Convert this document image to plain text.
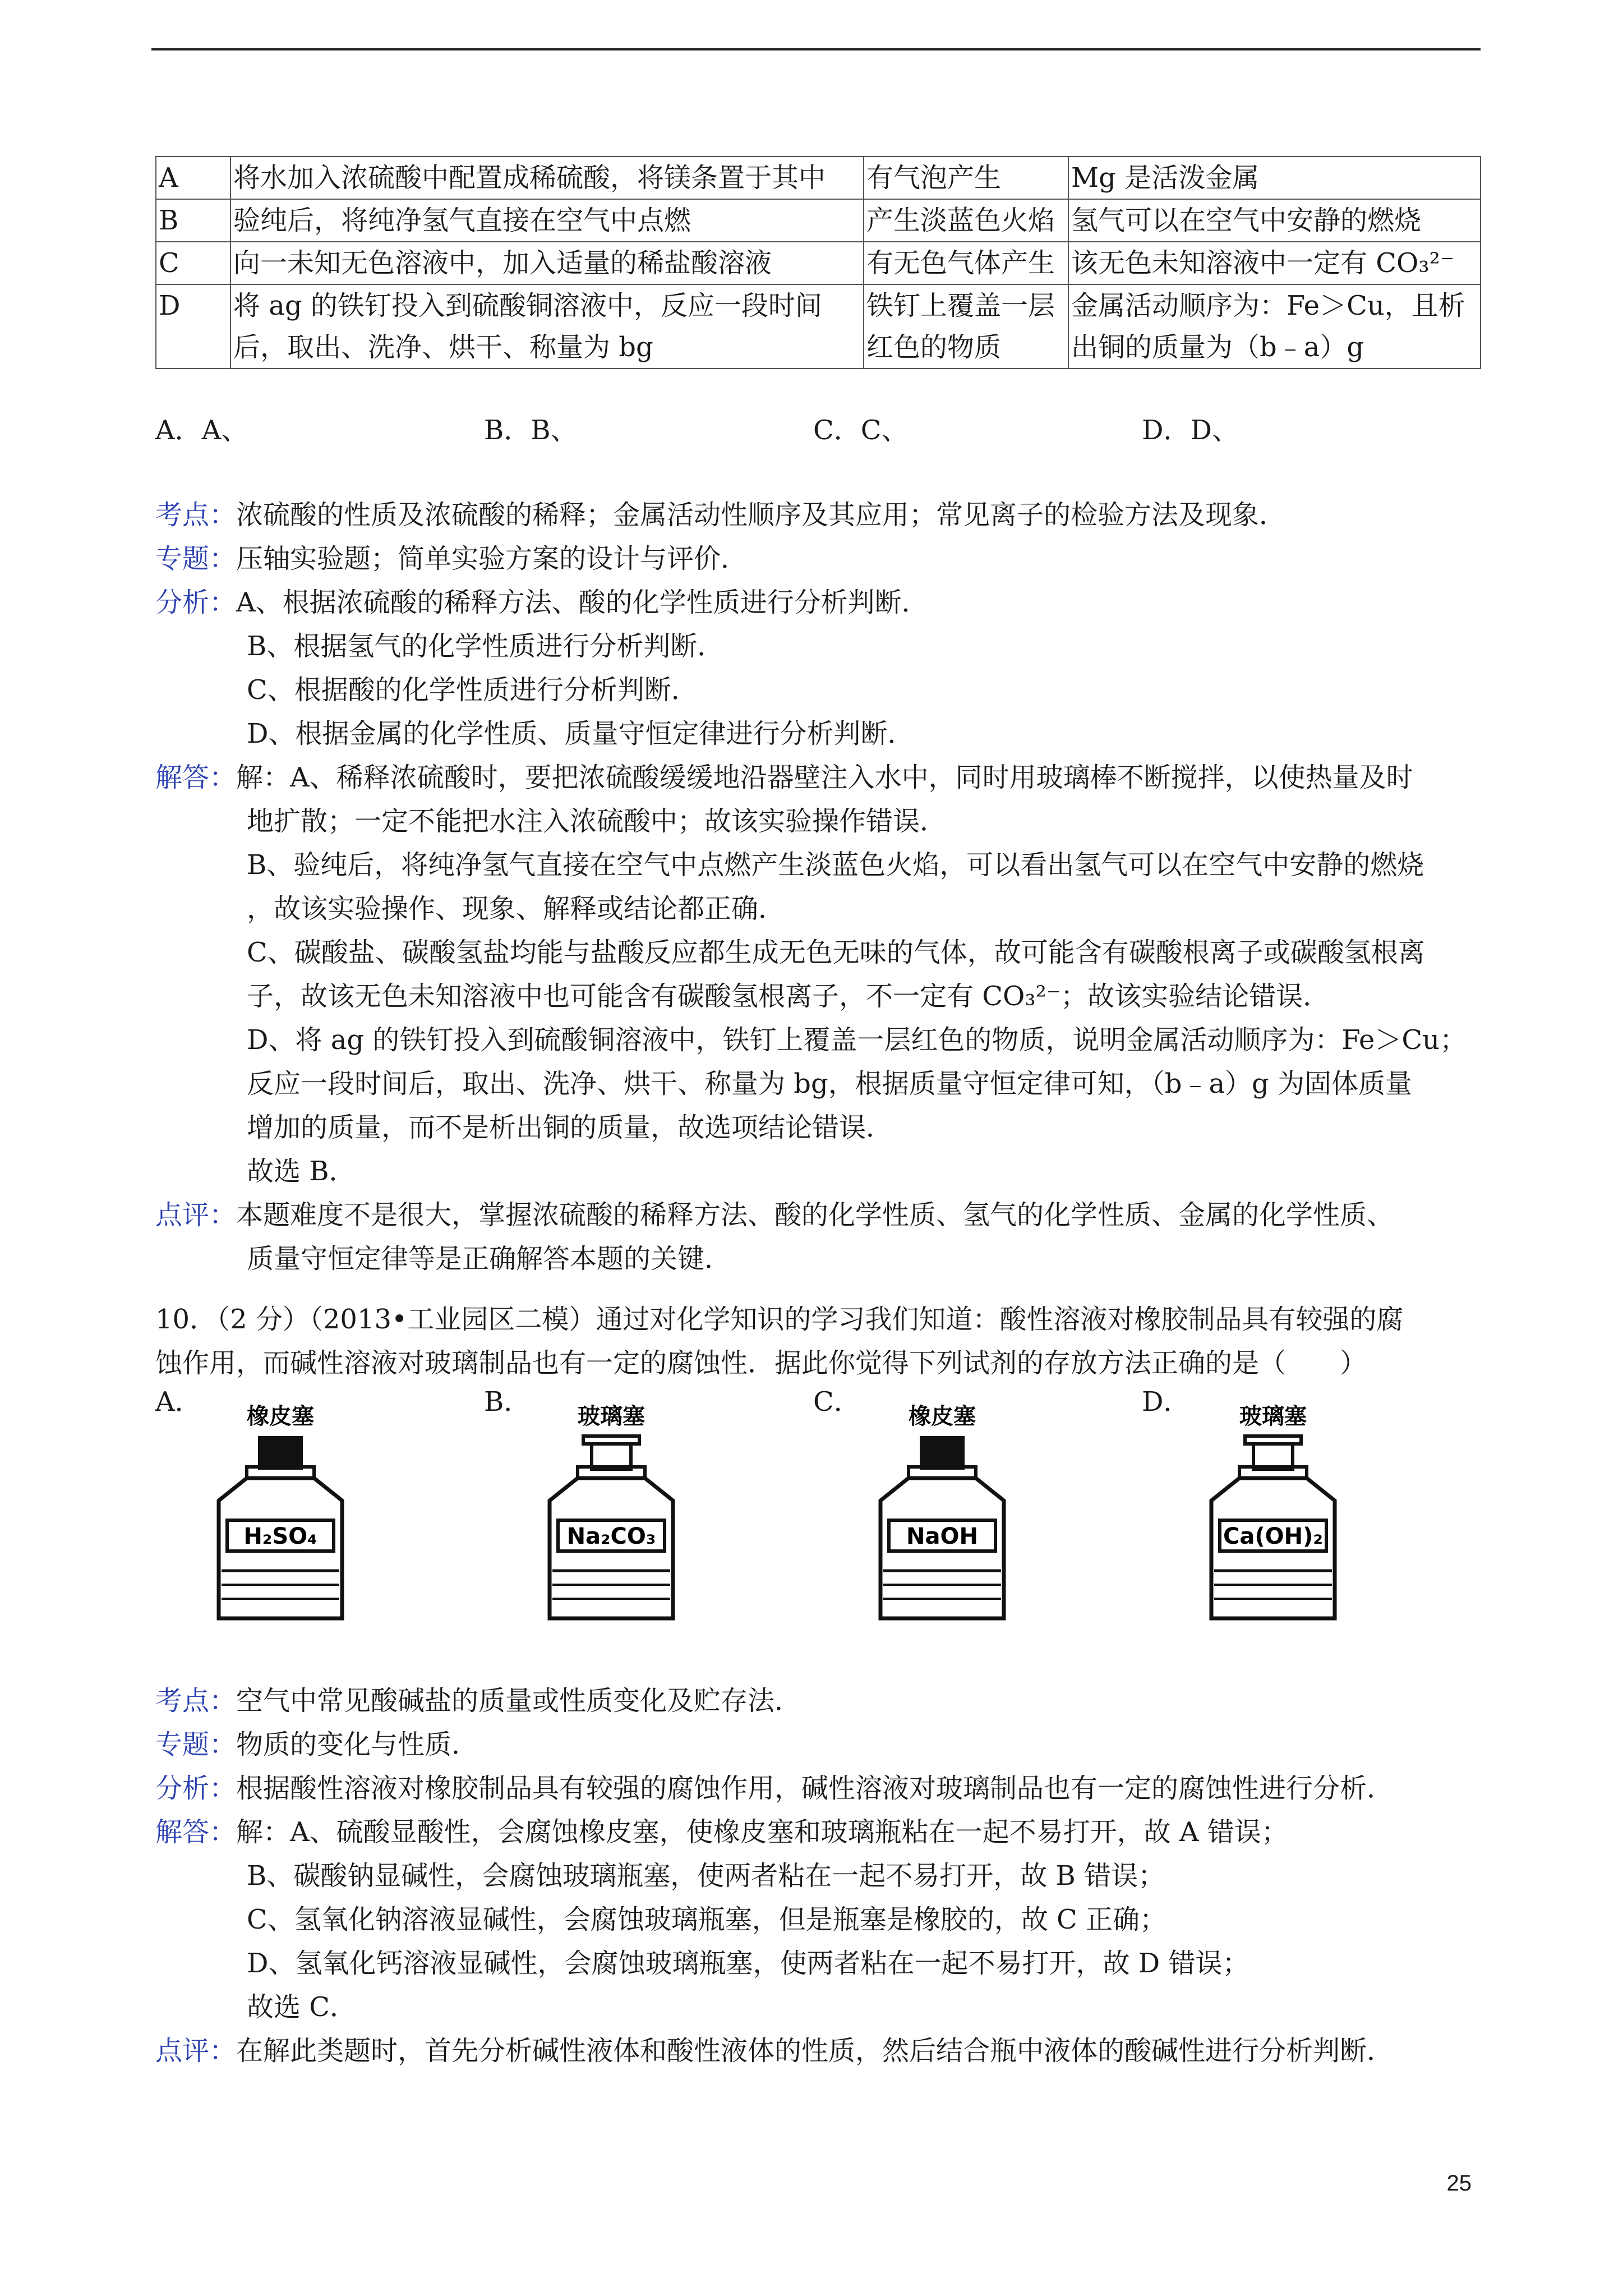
A	将水加入浓硫酸中配置成稀硫酸，将镁条置于其中	有气泡产生	Mg 是活泼金属
B	验纯后，将纯净氢气直接在空气中点燃	产生淡蓝色火焰	氢气可以在空气中安静的燃烧
C	向一未知无色溶液中，加入适量的稀盐酸溶液	有无色气体产生	该无色未知溶液中一定有 CO₃²⁻
D	将 ag 的铁钉投入到硫酸铜溶液中，反应一段时间后，取出、洗净、烘干、称量为 bg	铁钉上覆盖一层红色的物质	金属活动顺序为：Fe＞Cu，且析出铜的质量为（b﹣a）g
A．A、	B．B、	C．C、	D．D、
考点：浓硫酸的性质及浓硫酸的稀释；金属活动性顺序及其应用；常见离子的检验方法及现象．
专题：压轴实验题；简单实验方案的设计与评价．
分析：A、根据浓硫酸的稀释方法、酸的化学性质进行分析判断．
B、根据氢气的化学性质进行分析判断．
C、根据酸的化学性质进行分析判断．
D、根据金属的化学性质、质量守恒定律进行分析判断．
解答：解：A、稀释浓硫酸时，要把浓硫酸缓缓地沿器壁注入水中，同时用玻璃棒不断搅拌，以使热量及时
地扩散；一定不能把水注入浓硫酸中；故该实验操作错误．
B、验纯后，将纯净氢气直接在空气中点燃产生淡蓝色火焰，可以看出氢气可以在空气中安静的燃烧
，故该实验操作、现象、解释或结论都正确．
C、碳酸盐、碳酸氢盐均能与盐酸反应都生成无色无味的气体，故可能含有碳酸根离子或碳酸氢根离
子，故该无色未知溶液中也可能含有碳酸氢根离子，不一定有 CO₃²⁻；故该实验结论错误．
D、将 ag 的铁钉投入到硫酸铜溶液中，铁钉上覆盖一层红色的物质，说明金属活动顺序为：Fe＞Cu；
反应一段时间后，取出、洗净、烘干、称量为 bg，根据质量守恒定律可知，（b﹣a）g 为固体质量
增加的质量，而不是析出铜的质量，故选项结论错误．
故选 B．
点评：本题难度不是很大，掌握浓硫酸的稀释方法、酸的化学性质、氢气的化学性质、金属的化学性质、
质量守恒定律等是正确解答本题的关键．
10．（2 分）（2013•工业园区二模）通过对化学知识的学习我们知道：酸性溶液对橡胶制品具有较强的腐
蚀作用，而碱性溶液对玻璃制品也有一定的腐蚀性．据此你觉得下列试剂的存放方法正确的是（　　）
A．	B．	C．	D．
橡皮塞
H₂SO₄
玻璃塞
Na₂CO₃
橡皮塞
NaOH
玻璃塞
Ca(OH)₂
考点：空气中常见酸碱盐的质量或性质变化及贮存法．
专题：物质的变化与性质．
分析：根据酸性溶液对橡胶制品具有较强的腐蚀作用，碱性溶液对玻璃制品也有一定的腐蚀性进行分析．
解答：解：A、硫酸显酸性，会腐蚀橡皮塞，使橡皮塞和玻璃瓶粘在一起不易打开，故 A 错误；
B、碳酸钠显碱性，会腐蚀玻璃瓶塞，使两者粘在一起不易打开，故 B 错误；
C、氢氧化钠溶液显碱性，会腐蚀玻璃瓶塞，但是瓶塞是橡胶的，故 C 正确；
D、氢氧化钙溶液显碱性，会腐蚀玻璃瓶塞，使两者粘在一起不易打开，故 D 错误；
故选 C．
点评：在解此类题时，首先分析碱性液体和酸性液体的性质，然后结合瓶中液体的酸碱性进行分析判断．
25
